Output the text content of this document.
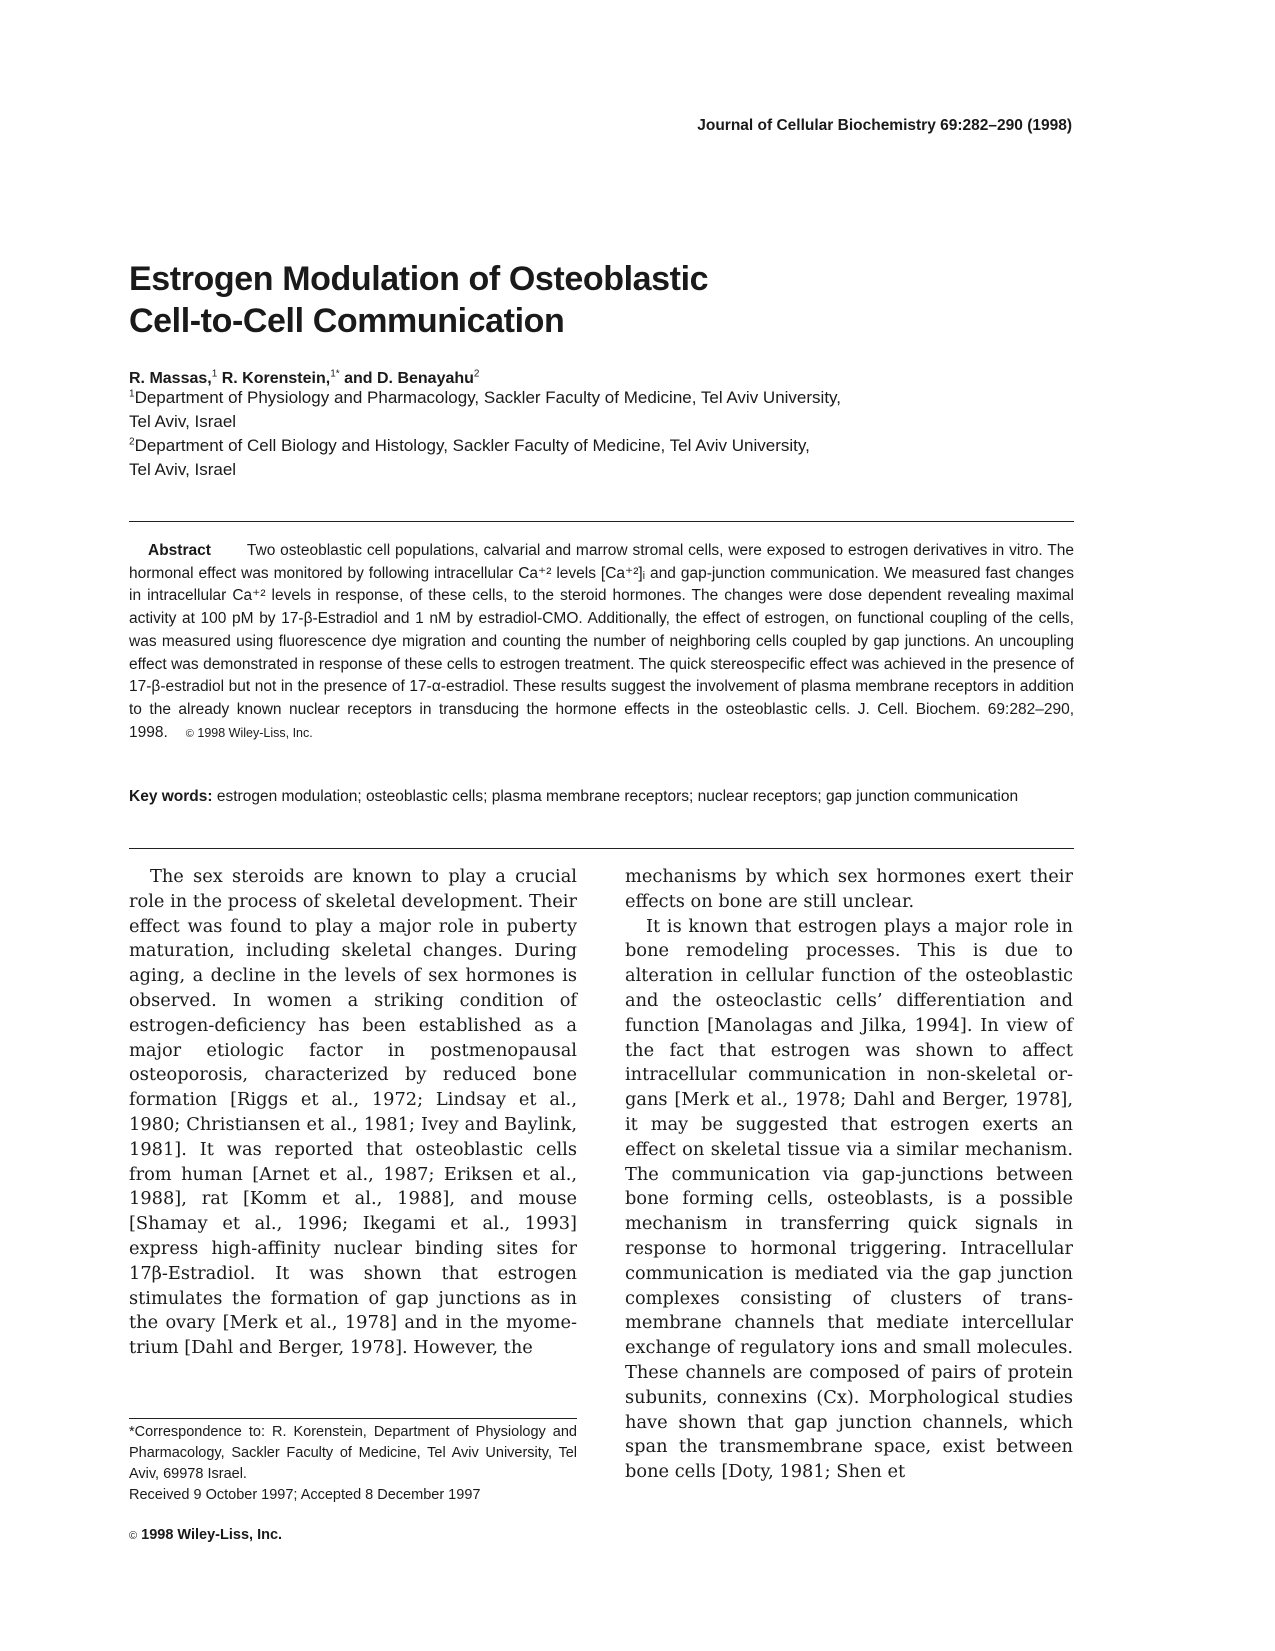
Journal of Cellular Biochemistry 69:282–290 (1998)
Estrogen Modulation of Osteoblastic
Cell-to-Cell Communication
R. Massas,$^1$ R. Korenstein,$^{1*}$ and D. Benayahu$^2$
$^1$Department of Physiology and Pharmacology, Sackler Faculty of Medicine, Tel Aviv University,
Tel Aviv, Israel
$^2$Department of Cell Biology and Histology, Sackler Faculty of Medicine, Tel Aviv University,
Tel Aviv, Israel
Abstract Two osteoblastic cell populations, calvarial and marrow stromal cells, were exposed to estrogen derivatives in vitro. The hormonal effect was monitored by following intracellular Ca⁺² levels [Ca⁺²]ᵢ and gap-junction communication. We measured fast changes in intracellular Ca⁺² levels in response, of these cells, to the steroid hormones. The changes were dose dependent revealing maximal activity at 100 pM by 17-β-Estradiol and 1 nM by estradiol-CMO. Additionally, the effect of estrogen, on functional coupling of the cells, was measured using fluorescence dye migration and counting the number of neighboring cells coupled by gap junctions. An uncoupling effect was demonstrated in response of these cells to estrogen treatment. The quick stereospecific effect was achieved in the presence of 17-β-estradiol but not in the presence of 17-α-estradiol. These results suggest the involvement of plasma membrane receptors in addition to the already known nuclear receptors in transducing the hormone effects in the osteoblastic cells. J. Cell. Biochem. 69:282–290, 1998. © 1998 Wiley-Liss, Inc.
Key words: estrogen modulation; osteoblastic cells; plasma membrane receptors; nuclear receptors; gap junction communication

The sex steroids are known to play a crucial role in the process of skeletal development. Their effect was found to play a major role in puberty maturation, including skeletal changes. During aging, a decline in the levels of sex hormones is observed. In women a striking condition of estrogen-deficiency has been established as a major etiologic factor in postmenopausal osteoporosis, characterized by reduced bone formation [Riggs et al., 1972; Lindsay et al., 1980; Christiansen et al., 1981; Ivey and Baylink, 1981]. It was reported that osteoblastic cells from human [Arnet et al., 1987; Eriksen et al., 1988], rat [Komm et al., 1988], and mouse [Shamay et al., 1996; Ikegami et al., 1993] express high-affinity nuclear binding sites for 17β-Estradiol. It was shown that estrogen stimulates the formation of gap junctions as in the ovary [Merk et al., 1978] and in the myometrium [Dahl and Berger, 1978]. However, the

mechanisms by which sex hormones exert their effects on bone are still unclear.

It is known that estrogen plays a major role in bone remodeling processes. This is due to alteration in cellular function of the osteoblastic and the osteoclastic cells’ differentiation and function [Manolagas and Jilka, 1994]. In view of the fact that estrogen was shown to affect intracellular communication in non-skeletal organs [Merk et al., 1978; Dahl and Berger, 1978], it may be suggested that estrogen exerts an effect on skeletal tissue via a similar mechanism. The communication via gap-junctions between bone forming cells, osteoblasts, is a possible mechanism in transferring quick signals in response to hormonal triggering. Intracellular communication is mediated via the gap junction complexes consisting of clusters of transmembrane channels that mediate intercellular exchange of regulatory ions and small molecules. These channels are composed of pairs of protein subunits, connexins (Cx). Morphological studies have shown that gap junction channels, which span the transmembrane space, exist between bone cells [Doty, 1981; Shen et

*Correspondence to: R. Korenstein, Department of Physiology and Pharmacology, Sackler Faculty of Medicine, Tel Aviv University, Tel Aviv, 69978 Israel.
Received 9 October 1997; Accepted 8 December 1997
© 1998 Wiley-Liss, Inc.
